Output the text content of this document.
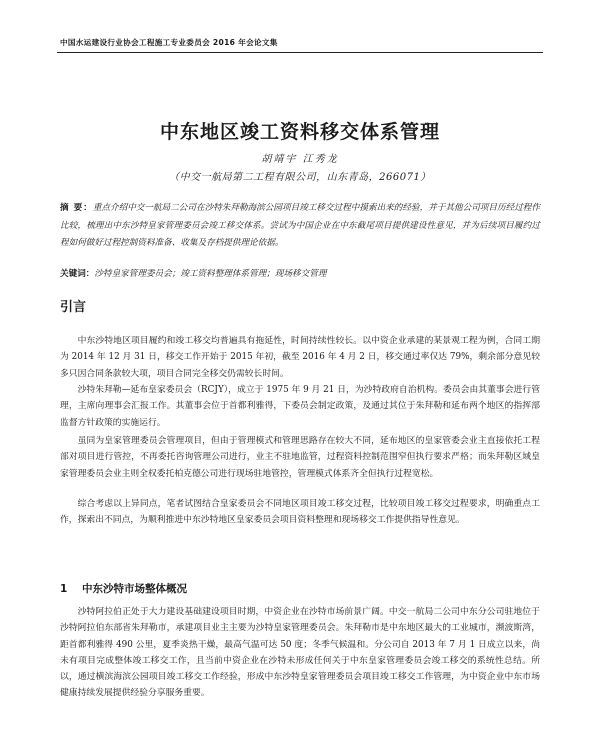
中国水运建设行业协会工程施工专业委员会 2016 年会论文集
中东地区竣工资料移交体系管理
胡靖宇 江秀龙
（中交一航局第二工程有限公司，山东青岛，266071）
摘 要：重点介绍中交一航局二公司在沙特朱拜勒海滨公园项目竣工移交过程中摸索出来的经验，并于其他公司项目历经过程作比较，梳理出中东沙特皇家管理委员会竣工移交体系。尝试为中国企业在中东截尾项目提供建设性意见，并为后续项目履约过程如何做好过程控制资料准备、收集及存档提供理论依据。
关键词：沙特皇家管理委员会；竣工资料整理体系管理；现场移交管理
引言
中东沙特地区项目履约和竣工移交均普遍具有拖延性，时间持续性较长。以中资企业承建的某景观工程为例，合同工期为 2014 年 12 月 31 日，移交工作开始于 2015 年初，截至 2016 年 4 月 2 日，移交通过率仅达 79%，剩余部分意见较多只因合同条款较大项，项目合同完全移交仍需较长时间。
沙特朱拜勒—延布皇家委员会（RCJY），成立于 1975 年 9 月 21 日，为沙特政府自治机构。委员会由其董事会进行管理，主席向理事会汇报工作。其董事会位于首都利雅得，下委员会制定政策，及通过其位于朱拜勒和延布两个地区的指挥部监督方针政策的实施运行。
虽同为皇家管理委员会管理项目，但由于管理模式和管理思路存在较大不同，延布地区的皇家管委会业主直接依托工程部对项目进行管控，不再委托咨询管理公司进行，业主不驻地监管，过程资料控制范围窄但执行要求严格；而朱拜勒区域皇家管理委员会业主则全权委托柏克德公司进行现场驻地管控，管理模式体系齐全但执行过程宽松。
综合考虑以上异同点，笔者试图结合皇家委员会不同地区项目竣工移交过程，比较项目竣工移交过程要求，明确重点工作，探索出不同点，为顺利推进中东沙特地区皇家委员会项目资料整理和现场移交工作提供指导性意见。
1 中东沙特市场整体概况
沙特阿拉伯正处于大力建设基础建设项目时期，中资企业在沙特市场前景广阔。中交一航局二公司中东分公司驻地位于沙特阿拉伯东部省朱拜勒市，承建项目业主主要为沙特皇家管理委员会。朱拜勒市是中东地区最大的工业城市，濒波斯湾，距首都利雅得 490 公里，夏季炎热干燥，最高气温可达 50 度；冬季气候温和。分公司自 2013 年 7 月 1 日成立以来，尚未有项目完成整体竣工移交工作，且当前中资企业在沙特未形成任何关于中东皇家管理委员会竣工移交的系统性总结。所以，通过横滨海滨公园项目竣工移交工作经验，形成中东沙特皇家管理委员会项目竣工移交工作管理，为中资企业中东市场健康持续发展提供经验分享服务重要。
